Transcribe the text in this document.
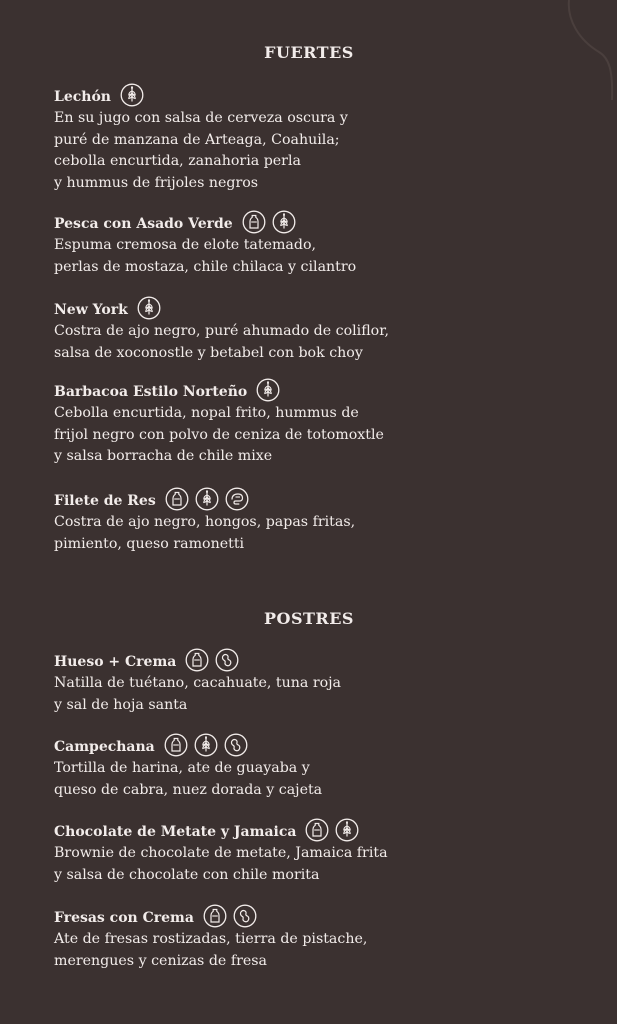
FUERTES
Lechón
En su jugo con salsa de cerveza oscura y
puré de manzana de Arteaga, Coahuila;
cebolla encurtida, zanahoria perla
y hummus de frijoles negros
Pesca con Asado Verde
Espuma cremosa de elote tatemado,
perlas de mostaza, chile chilaca y cilantro
New York
Costra de ajo negro, puré ahumado de coliflor,
salsa de xoconostle y betabel con bok choy
Barbacoa Estilo Norteño
Cebolla encurtida, nopal frito, hummus de
frijol negro con polvo de ceniza de totomoxtle
y salsa borracha de chile mixe
Filete de Res
Costra de ajo negro, hongos, papas fritas,
pimiento, queso ramonetti
POSTRES
Hueso + Crema
Natilla de tuétano, cacahuate, tuna roja
y sal de hoja santa
Campechana
Tortilla de harina, ate de guayaba y
queso de cabra, nuez dorada y cajeta
Chocolate de Metate y Jamaica
Brownie de chocolate de metate, Jamaica frita
y salsa de chocolate con chile morita
Fresas con Crema
Ate de fresas rostizadas, tierra de pistache,
merengues y cenizas de fresa
